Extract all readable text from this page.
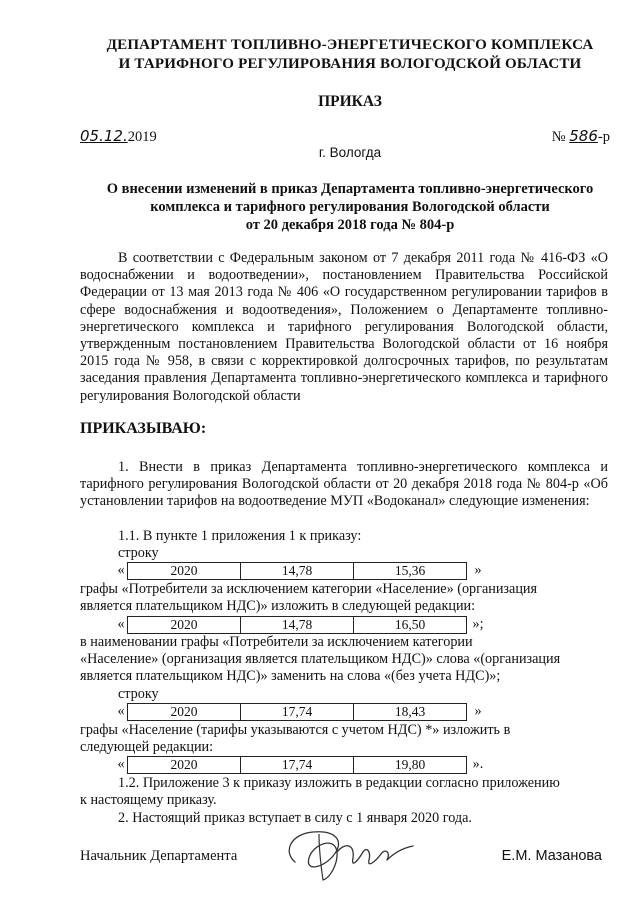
ДЕПАРТАМЕНТ ТОПЛИВНО-ЭНЕРГЕТИЧЕСКОГО КОМПЛЕКСА
И ТАРИФНОГО РЕГУЛИРОВАНИЯ ВОЛОГОДСКОЙ ОБЛАСТИ
ПРИКАЗ
05.12.2019	№ 586-р
г. Вологда
О внесении изменений в приказ Департамента топливно-энергетического
комплекса и тарифного регулирования Вологодской области
от 20 декабря 2018 года № 804-р
В соответствии с Федеральным законом от 7 декабря 2011 года № 416-ФЗ «О водоснабжении и водоотведении», постановлением Правительства Российской Федерации от 13 мая 2013 года № 406 «О государственном регулировании тарифов в сфере водоснабжения и водоотведения», Положением о Департаменте топливно-энергетического комплекса и тарифного регулирования Вологодской области, утвержденным постановлением Правительства Вологодской области от 16 ноября 2015 года № 958, в связи с корректировкой долгосрочных тарифов, по результатам заседания правления Департамента топливно-энергетического комплекса и тарифного регулирования Вологодской области
ПРИКАЗЫВАЮ:
1. Внести в приказ Департамента топливно-энергетического комплекса и тарифного регулирования Вологодской области от 20 декабря 2018 года № 804-р «Об установлении тарифов на водоотведение МУП «Водоканал» следующие изменения:
1.1. В пункте 1 приложения 1 к приказу:
строку
«	2020	14,78	15,36	»
графы «Потребители за исключением категории «Население» (организация
является плательщиком НДС)» изложить в следующей редакции:
«	2020	14,78	16,50	»;
в наименовании графы «Потребители за исключением категории
«Население» (организация является плательщиком НДС)» слова «(организация
является плательщиком НДС)» заменить на слова «(без учета НДС)»;
строку
«	2020	17,74	18,43	»
графы «Население (тарифы указываются с учетом НДС) *» изложить в
следующей редакции:
«	2020	17,74	19,80	».
1.2. Приложение 3 к приказу изложить в редакции согласно приложению
к настоящему приказу.
2. Настоящий приказ вступает в силу с 1 января 2020 года.
Начальник Департамента	Е.М. Мазанова
